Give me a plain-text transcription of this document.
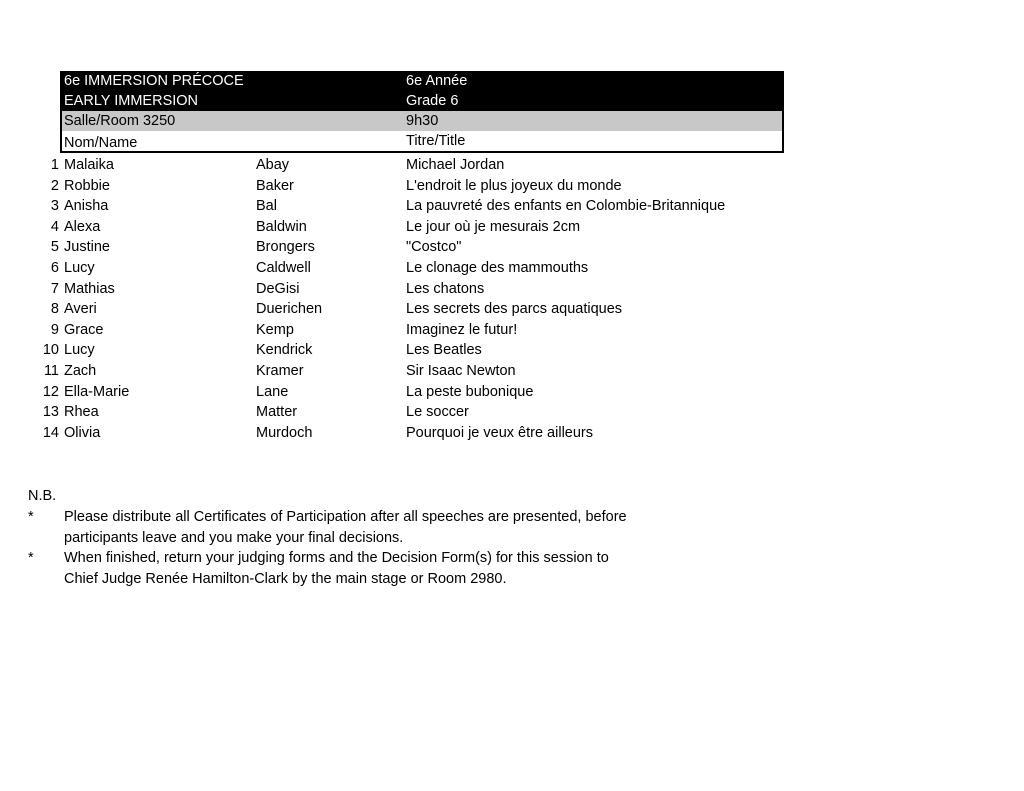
6e IMMERSION PRÉCOCE	6e Année
EARLY IMMERSION	Grade 6
Salle/Room 3250	9h30
Nom/Name	Titre/Title
1 Malaika	Abay	Michael Jordan
2 Robbie	Baker	L'endroit le plus joyeux du monde
3 Anisha	Bal	La pauvreté des enfants en Colombie-Britannique
4 Alexa	Baldwin	Le jour où je mesurais 2cm
5 Justine	Brongers	"Costco"
6 Lucy	Caldwell	Le clonage des mammouths
7 Mathias	DeGisi	Les chatons
8 Averi	Duerichen	Les secrets des parcs aquatiques
9 Grace	Kemp	Imaginez le futur!
10 Lucy	Kendrick	Les Beatles
11 Zach	Kramer	Sir Isaac Newton
12 Ella-Marie	Lane	La peste bubonique
13 Rhea	Matter	Le soccer
14 Olivia	Murdoch	Pourquoi je veux être ailleurs
N.B.
* Please distribute all Certificates of Participation after all speeches are presented, before
participants leave and you make your final decisions.
* When finished, return your judging forms and the Decision Form(s) for this session to
Chief Judge Renée Hamilton-Clark by the main stage or Room 2980.
